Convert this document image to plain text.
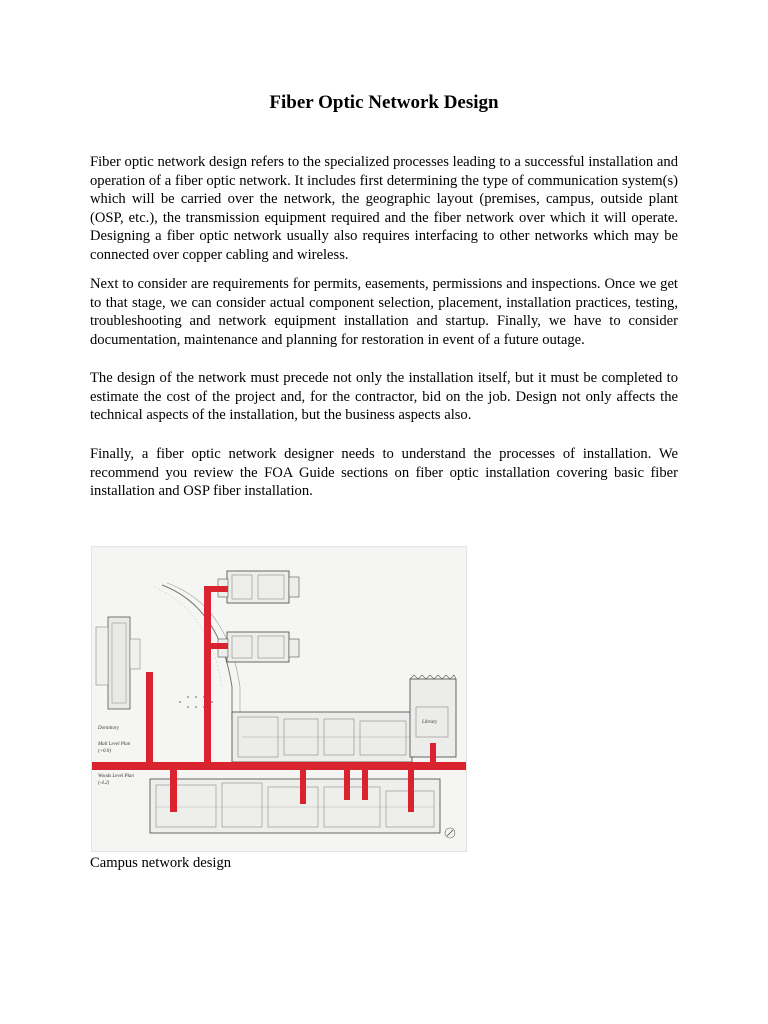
Fiber Optic Network Design

Fiber optic network design refers to the specialized processes leading to a successful installation and operation of a fiber optic network. It includes first determining the type of communication system(s) which will be carried over the network, the geographic layout (premises, campus, outside plant (OSP, etc.), the transmission equipment required and the fiber network over which it will operate. Designing a fiber optic network usually also requires interfacing to other networks which may be connected over copper cabling and wireless.

Next to consider are requirements for permits, easements, permissions and inspections. Once we get to that stage, we can consider actual component selection, placement, installation practices, testing, troubleshooting and network equipment installation and startup. Finally, we have to consider documentation, maintenance and planning for restoration in event of a future outage.

The design of the network must precede not only the installation itself, but it must be completed to estimate the cost of the project and, for the contractor, bid on the job. Design not only affects the technical aspects of the installation, but the business aspects also.

Finally, a fiber optic network designer needs to understand the processes of installation. We recommend you review the FOA Guide sections on fiber optic installation covering basic fiber installation and OSP fiber installation.

Dormitory
Mall Level Plan
(+0.0)
Woods Level Plan
(-4.2)
Library
Campus network design
